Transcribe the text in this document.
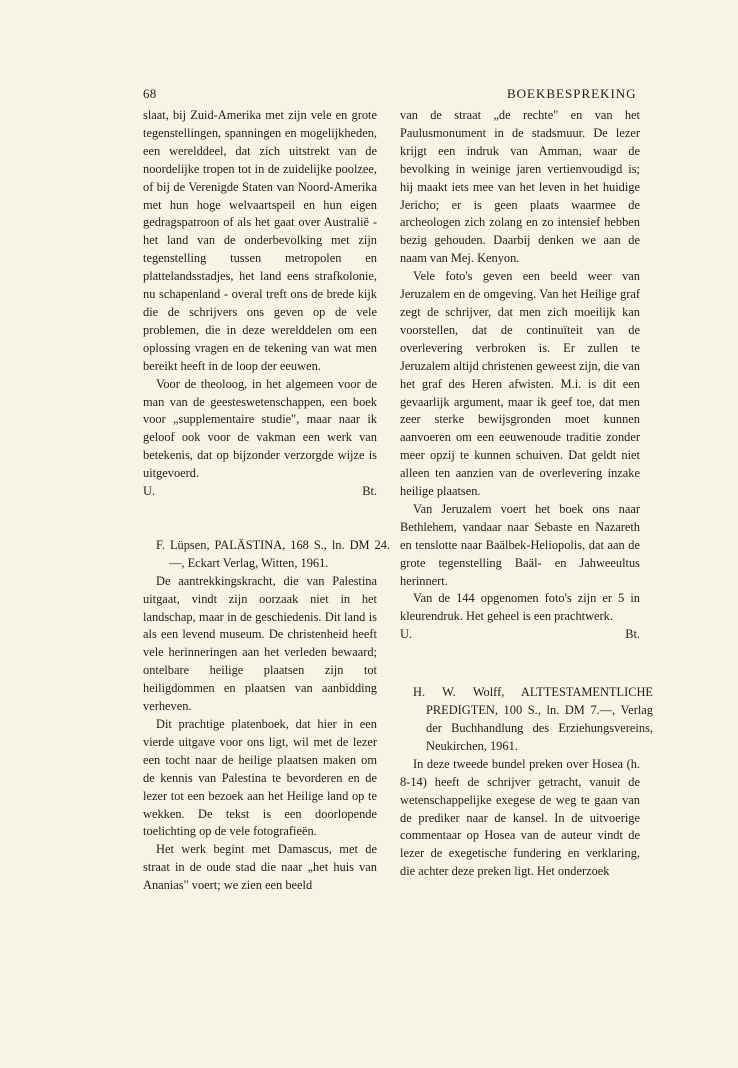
68	BOEKBESPREKING

slaat, bij Zuid-Amerika met zijn vele en grote tegenstellingen, spanningen en mogelijkheden, een werelddeel, dat zich uitstrekt van de noordelijke tropen tot in de zuidelijke poolzee, of bij de Verenigde Staten van Noord-Amerika met hun hoge welvaartspeil en hun eigen gedragspatroon of als het gaat over Australië - het land van de onderbevolking met zijn tegenstelling tussen metropolen en plattelandsstadjes, het land eens strafkolonie, nu schapenland - overal treft ons de brede kijk die de schrijvers ons geven op de vele problemen, die in deze werelddelen om een oplossing vragen en de tekening van wat men bereikt heeft in de loop der eeuwen.

Voor de theoloog, in het algemeen voor de man van de geesteswetenschappen, een boek voor „supplementaire studie", maar naar ik geloof ook voor de vakman een werk van betekenis, dat op bijzonder verzorgde wijze is uitgevoerd.

U.	Bt.

F. Lüpsen, PALÄSTINA, 168 S., ln. DM 24.—, Eckart Verlag, Witten, 1961.

De aantrekkingskracht, die van Palestina uitgaat, vindt zijn oorzaak niet in het landschap, maar in de geschiedenis. Dit land is als een levend museum. De christenheid heeft vele herinneringen aan het verleden bewaard; ontelbare heilige plaatsen zijn tot heiligdommen en plaatsen van aanbidding verheven.

Dit prachtige platenboek, dat hier in een vierde uitgave voor ons ligt, wil met de lezer een tocht naar de heilige plaatsen maken om de kennis van Palestina te bevorderen en de lezer tot een bezoek aan het Heilige land op te wekken. De tekst is een doorlopende toelichting op de vele fotografieën.

Het werk begint met Damascus, met de straat in de oude stad die naar „het huis van Ananias" voert; we zien een beeld

van de straat „de rechte" en van het Paulusmonument in de stadsmuur. De lezer krijgt een indruk van Amman, waar de bevolking in weinige jaren vertienvoudigd is; hij maakt iets mee van het leven in het huidige Jericho; er is geen plaats waarmee de archeologen zich zolang en zo intensief hebben bezig gehouden. Daarbij denken we aan de naam van Mej. Kenyon.

Vele foto's geven een beeld weer van Jeruzalem en de omgeving. Van het Heilige graf zegt de schrijver, dat men zich moeilijk kan voorstellen, dat de continuïteit van de overlevering verbroken is. Er zullen te Jeruzalem altijd christenen geweest zijn, die van het graf des Heren afwisten. M.i. is dit een gevaarlijk argument, maar ik geef toe, dat men zeer sterke bewijsgronden moet kunnen aanvoeren om een eeuwenoude traditie zonder meer opzij te kunnen schuiven. Dat geldt niet alleen ten aanzien van de overlevering inzake heilige plaatsen.

Van Jeruzalem voert het boek ons naar Bethlehem, vandaar naar Sebaste en Nazareth en tenslotte naar Baälbek-Heliopolis, dat aan de grote tegenstelling Baäl- en Jahweeultus herinnert.

Van de 144 opgenomen foto's zijn er 5 in kleurendruk. Het geheel is een prachtwerk.

U.	Bt.

H. W. Wolff, ALTTESTAMENTLICHE PREDIGTEN, 100 S., ln. DM 7.—, Verlag der Buchhandlung des Erziehungsvereins, Neukirchen, 1961.

In deze tweede bundel preken over Hosea (h. 8-14) heeft de schrijver getracht, vanuit de wetenschappelijke exegese de weg te gaan van de prediker naar de kansel. In de uitvoerige commentaar op Hosea van de auteur vindt de lezer de exegetische fundering en verklaring, die achter deze preken ligt. Het onderzoek
